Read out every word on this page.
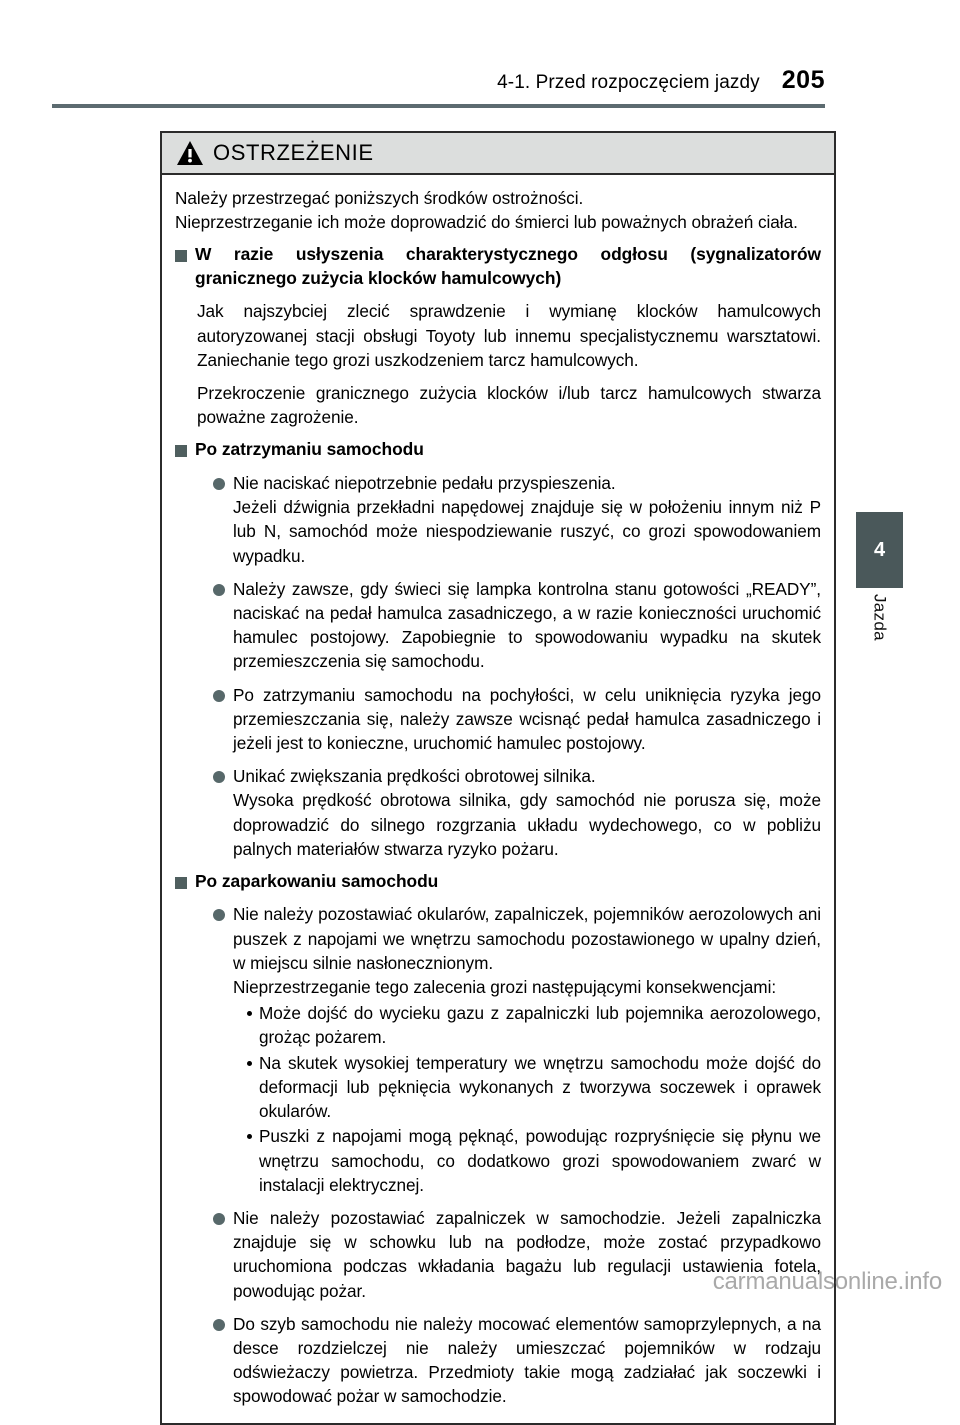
4-1. Przed rozpoczęciem jazdy 205
4
Jazda
OSTRZEŻENIE

Należy przestrzegać poniższych środków ostrożności.
Nieprzestrzeganie ich może doprowadzić do śmierci lub poważnych obrażeń ciała.

W razie usłyszenia charakterystycznego odgłosu (sygnalizatorów granicznego zużycia klocków hamulcowych)

Jak najszybciej zlecić sprawdzenie i wymianę klocków hamulcowych autoryzowanej stacji obsługi Toyoty lub innemu specjalistycznemu warsztatowi. Zaniechanie tego grozi uszkodzeniem tarcz hamulcowych.

Przekroczenie granicznego zużycia klocków i/lub tarcz hamulcowych stwarza poważne zagrożenie.

Po zatrzymaniu samochodu
Nie naciskać niepotrzebnie pedału przyspieszenia.
Jeżeli dźwignia przekładni napędowej znajduje się w położeniu innym niż P lub N, samochód może niespodziewanie ruszyć, co grozi spowodowaniem wypadku.
Należy zawsze, gdy świeci się lampka kontrolna stanu gotowości „READY”, naciskać na pedał hamulca zasadniczego, a w razie konieczności uruchomić hamulec postojowy. Zapobiegnie to spowodowaniu wypadku na skutek przemieszczenia się samochodu.
Po zatrzymaniu samochodu na pochyłości, w celu uniknięcia ryzyka jego przemieszczania się, należy zawsze wcisnąć pedał hamulca zasadniczego i jeżeli jest to konieczne, uruchomić hamulec postojowy.
Unikać zwiększania prędkości obrotowej silnika.
Wysoka prędkość obrotowa silnika, gdy samochód nie porusza się, może doprowadzić do silnego rozgrzania układu wydechowego, co w pobliżu palnych materiałów stwarza ryzyko pożaru.
Po zaparkowaniu samochodu
Nie należy pozostawiać okularów, zapalniczek, pojemników aerozolowych ani puszek z napojami we wnętrzu samochodu pozostawionego w upalny dzień, w miejscu silnie nasłonecznionym.
Nieprzestrzeganie tego zalecenia grozi następującymi konsekwencjami:
Może dojść do wycieku gazu z zapalniczki lub pojemnika aerozolowego, grożąc pożarem.
Na skutek wysokiej temperatury we wnętrzu samochodu może dojść do deformacji lub pęknięcia wykonanych z tworzywa soczewek i oprawek okularów.
Puszki z napojami mogą pęknąć, powodując rozpryśnięcie się płynu we wnętrzu samochodu, co dodatkowo grozi spowodowaniem zwarć w instalacji elektrycznej.
Nie należy pozostawiać zapalniczek w samochodzie. Jeżeli zapalniczka znajduje się w schowku lub na podłodze, może zostać przypadkowo uruchomiona podczas wkładania bagażu lub regulacji ustawienia fotela, powodując pożar.
Do szyb samochodu nie należy mocować elementów samoprzylepnych, a na desce rozdzielczej nie należy umieszczać pojemników w rodzaju odświeżaczy powietrza. Przedmioty takie mogą zadziałać jak soczewki i spowodować pożar w samochodzie.
carmanualsonline.info
